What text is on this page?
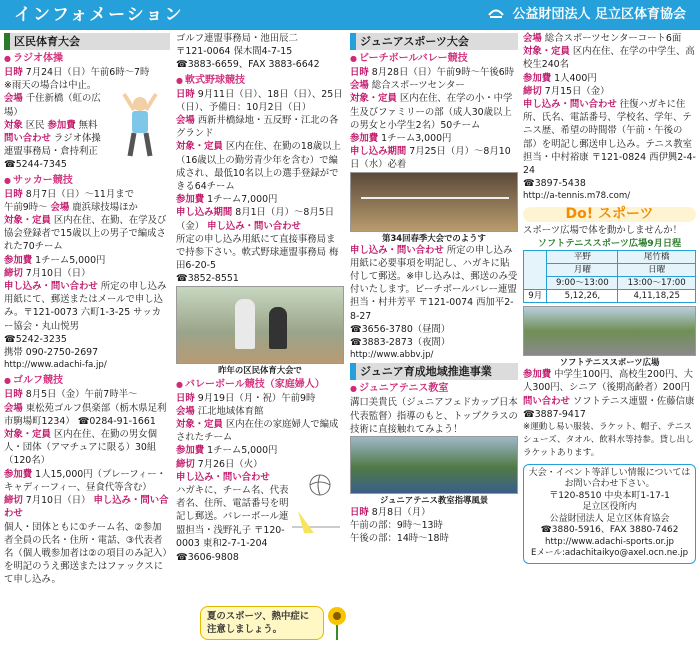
インフォメーション	公益財団法人 足立区体育協会
区民体育大会
● ラジオ体操

日時 7月24日（日）午前6時～7時

※雨天の場合は中止。

会場 千住新橋（虹の広場）

対象 区民 参加費 無料

問い合わせ ラジオ体操

連盟事務局・倉持利正

☎5244-7345

● サッカー競技

日時 8月7日（日）～11月まで

午前9時～ 会場 鹿浜球技場ほか

対象・定員 区内在住、在勤、在学及び協会登録者で15歳以上の男子で編成された70チーム

参加費 1チーム5,000円

締切 7月10日（日）

申し込み・問い合わせ 所定の申し込み用紙にて、郵送またはメールで申し込み。〒121-0073 六町1-3-25 サッカー協会・丸山悦男

☎5242-3235

携帯 090-2750-2697

http://www.adachi-fa.jp/

● ゴルフ競技

日時 8月5日（金）午前7時半～

会場 東松苑ゴルフ倶楽部（栃木県足利市駒場町1234） ☎0284-91-1661

対象・定員 区内在住、在勤の男女個人・団体（アマチュアに限る）30組（120名）

参加費 1人15,000円（プレーフィー・キャディーフィー、昼食代等含む）

締切 7月10日（日） 申し込み・問い合わせ

個人・団体ともに①チーム名、②参加者全員の氏名・住所・電話、③代表者名（個人戦参加者は②の項目のみ記入）を明記のうえ郵送またはファックスにて申し込み。

ゴルフ連盟事務局・池田辰二

〒121-0064 保木間4-7-15

☎3883-6659、FAX 3883-6642

● 軟式野球競技

日時 9月11日（日）、18日（日）、25日（日）、予備日：10月2日（日）

会場 西新井橋緑地・五反野・江北の各グランド

対象・定員 区内在住、在勤の18歳以上（16歳以上の勤労青少年を含む）で編成され、最低10名以上の選手登録ができる64チーム

参加費 1チーム7,000円

申し込み期間 8月1日（月）～8月5日（金） 申し込み・問い合わせ

所定の申し込み用紙にて直接事務局まで持参下さい。軟式野球連盟事務局 梅田6-20-5

☎3852-8551

昨年の区民体育大会で

● バレーボール競技（家庭婦人）

日時 9月19日（月・祝）午前9時

会場 江北地域体育館

対象・定員 区内在住の家庭婦人で編成されたチーム

参加費 1チーム5,000円

締切 7月26日（火）

申し込み・問い合わせ

ハガキに、チーム名、代表者名、住所、電話番号を明記し郵送。バレーボール連盟担当・浅野礼子 〒120-0003 東和2-7-1-204

☎3606-9808

夏のスポーツ、熱中症に注意しましょう。
ジュニアスポーツ大会
● ビーチボールバレー競技

日時 8月28日（日）午前9時～午後6時 会場 総合スポーツセンター

対象・定員 区内在住、在学の小・中学生及びファミリーの部（成人30歳以上の男女と小学生2名）50チーム

参加費 1チーム3,000円

申し込み期間 7月25日（月）～8月10日（水）必着

第34回春季大会でのようす

申し込み・問い合わせ 所定の申し込み用紙に必要事項を明記し、ハガキに貼付して郵送。※申し込みは、郵送のみ受付いたします。ビーチボールバレー連盟担当・村井芳平 〒121-0074 西加平2-8-27

☎3656-3780（昼間）

☎3883-2873（夜間）

http://www.abbv.jp/

ジュニア育成地域推進事業
● ジュニアテニス教室

溝口美貴氏（ジュニアフェドカップ日本代表監督）指導のもと、トップクラスの技術に直接触れてみよう！

ジュニアテニス教室指導風景

日時 8月8日（月）

午前の部：9時～13時

午後の部：14時～18時

会場 総合スポーツセンターコート6面

対象・定員 区内在住、在学の中学生、高校生240名

参加費 1人400円

締切 7月15日（金）

申し込み・問い合わせ 往復ハガキに住所、氏名、電話番号、学校名、学年、テニス歴、希望の時間帯（午前・午後の部）を明記し郵送申し込み。テニス教室担当・中村裕康 〒121-0824 西伊興2-4-24

☎3897-5438

http://a-tennis.m78.com/

Do! スポーツ

スポーツ広場で体を動かしませんか！

ソフトテニススポーツ広場9月日程

	平野	尾竹橋
	月曜	日曜
	9:00～13:00	13:00～17:00
9月	5,12,26,	4,11,18,25

ソフトテニススポーツ広場

参加費 中学生100円、高校生200円、大人300円、シニア（後期高齢者）200円

問い合わせ ソフトテニス連盟・佐藤信康

☎3887-9417

※運動し易い服装、ラケット、帽子、テニスシューズ、タオル、飲料水等持参。貸し出しラケットあります。

大会・イベント等詳しい情報については お問い合わせ下さい。

〒120-8510 中央本町1-17-1

足立区役所内

公益財団法人 足立区体育協会

☎3880-5916、FAX 3880-7462

http://www.adachi-sports.or.jp

Eメール:adachitaikyo@axel.ocn.ne.jp
